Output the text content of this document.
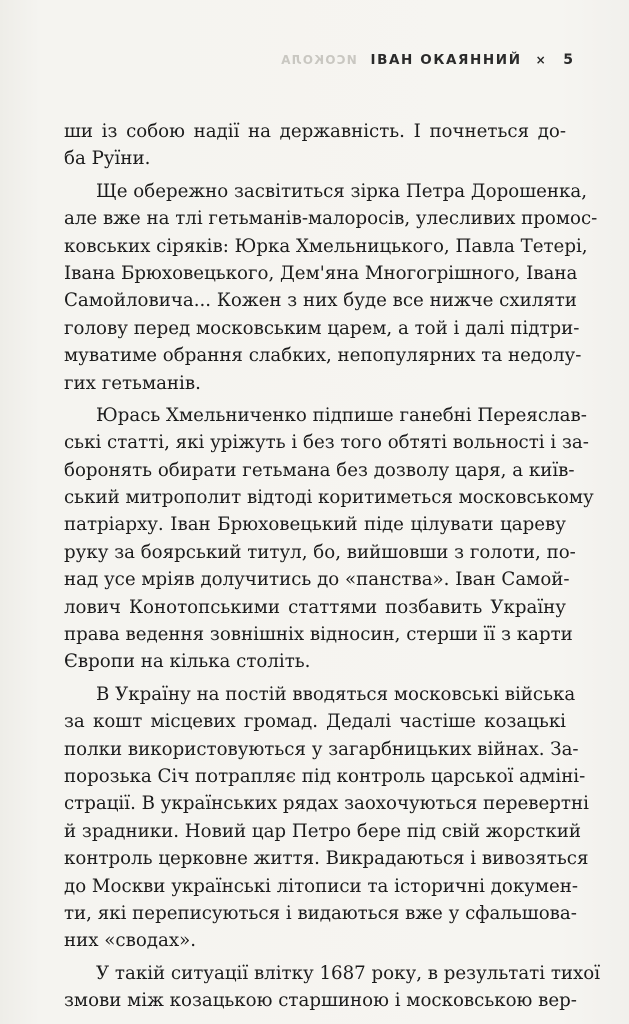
ИСОКОЛА ІВАН ОКАЯННИЙ × 5
ши із собою надії на державність. І почнеться до-
ба Руїни.
Ще обережно засвітиться зірка Петра Дорошенка,
але вже на тлі гетьманів-малоросів, улесливих промос-
ковських сіряків: Юрка Хмельницького, Павла Тетері,
Івана Брюховецького, Дем'яна Многогрішного, Івана
Самойловича... Кожен з них буде все нижче схиляти
голову перед московським царем, а той і далі підтри-
муватиме обрання слабких, непопулярних та недолу-
гих гетьманів.
Юрась Хмельниченко підпише ганебні Переяслав-
ські статті, які уріжуть і без того обтяті вольності і за-
боронять обирати гетьмана без дозволу царя, а київ-
ський митрополит відтоді коритиметься московському
патріарху. Іван Брюховецький піде цілувати цареву
руку за боярський титул, бо, вийшовши з голоти, по-
над усе мріяв долучитись до «панства». Іван Самой-
лович Конотопськими статтями позбавить Україну
права ведення зовнішніх відносин, стерши її з карти
Європи на кілька століть.
В Україну на постій вводяться московські війська
за кошт місцевих громад. Дедалі частіше козацькі
полки використовуються у загарбницьких війнах. За-
порозька Січ потрапляє під контроль царської адміні-
страції. В українських рядах заохочуються перевертні
й зрадники. Новий цар Петро бере під свій жорсткий
контроль церковне життя. Викрадаються і вивозяться
до Москви українські літописи та історичні докумен-
ти, які переписуються і видаються вже у сфальшова-
них «сводах».
У такій ситуації влітку 1687 року, в результаті тихої
змови між козацькою старшиною і московською вер-
